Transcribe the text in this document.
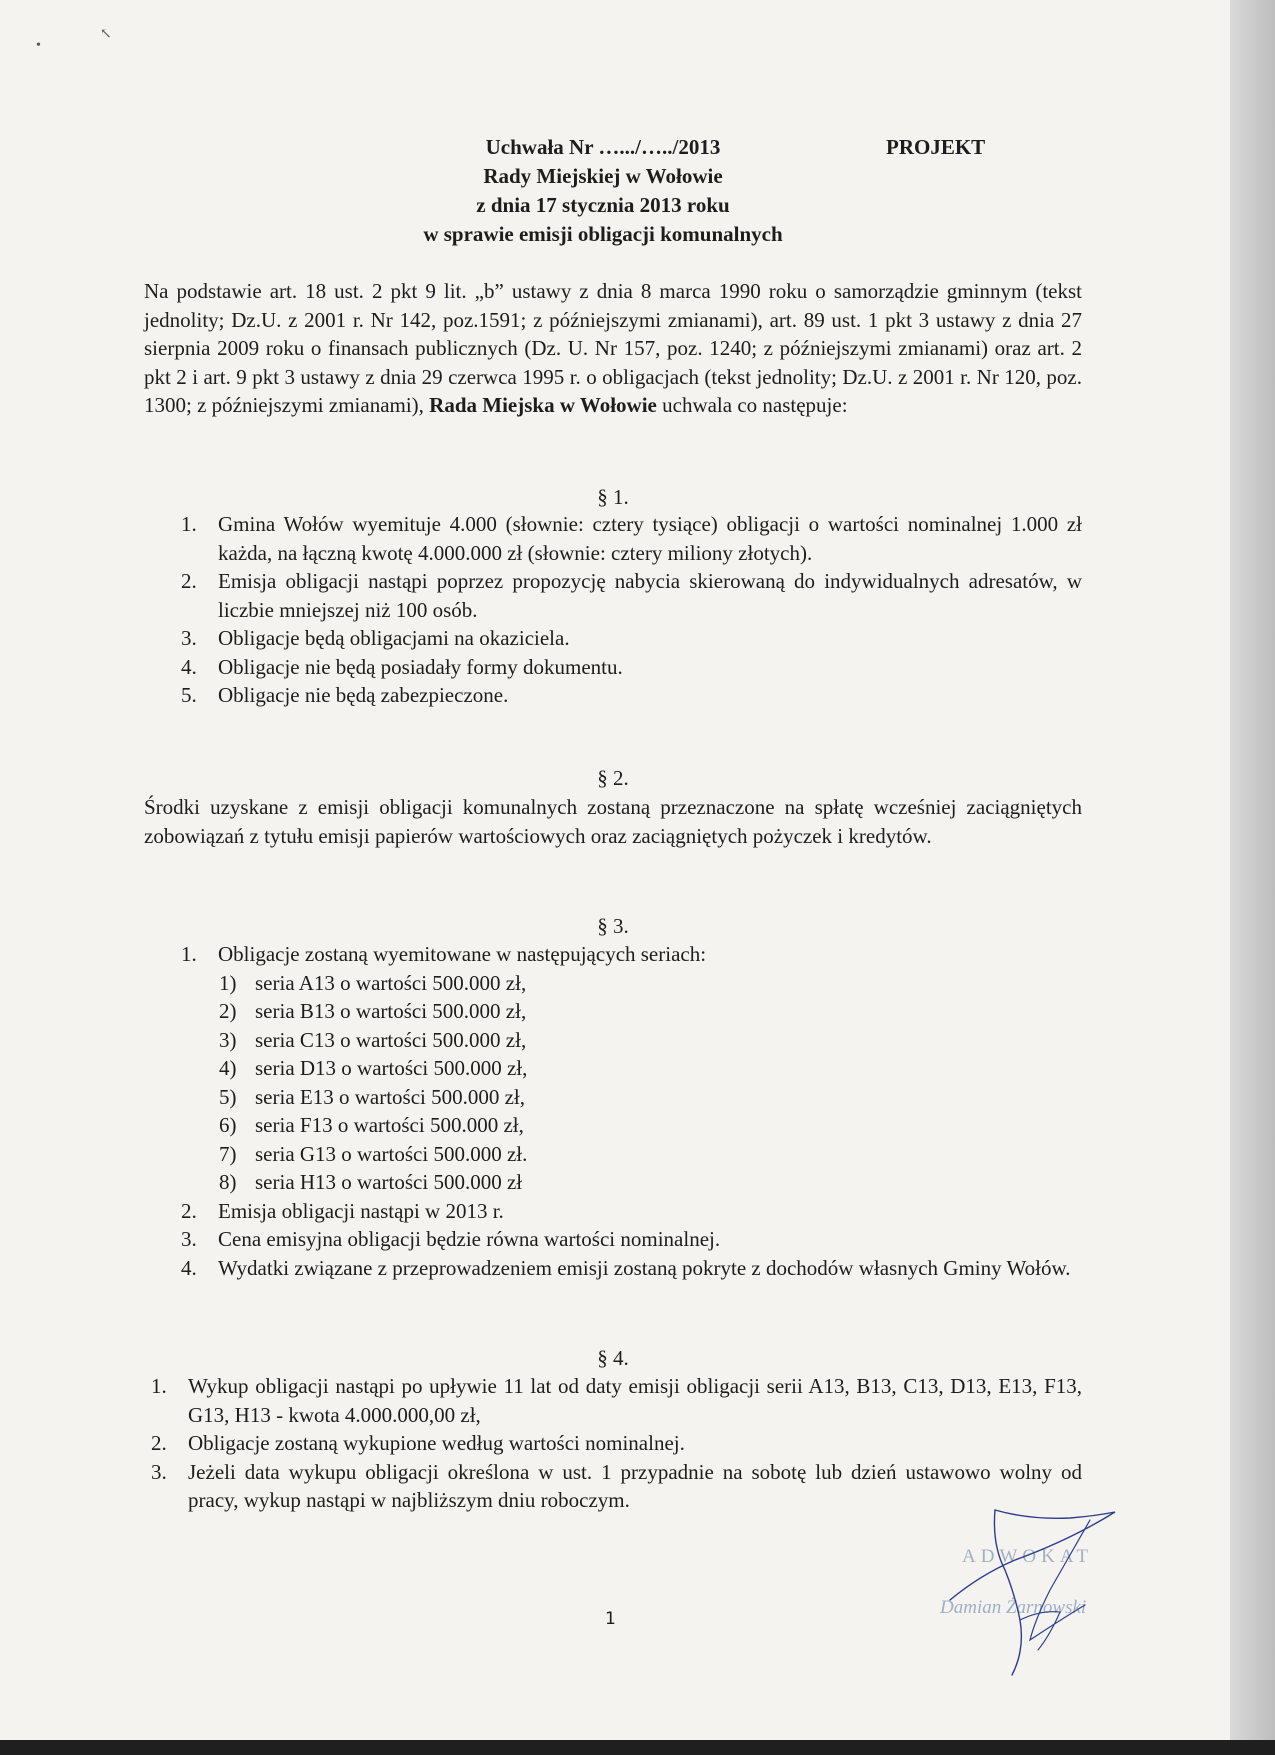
•
↖
Uchwała Nr ….../…../2013
Rady Miejskiej w Wołowie
z dnia 17 stycznia 2013 roku
w sprawie emisji obligacji komunalnych
PROJEKT
Na podstawie art. 18 ust. 2 pkt 9 lit. „b” ustawy z dnia 8 marca 1990 roku o samorządzie gminnym (tekst jednolity; Dz.U. z 2001 r. Nr 142, poz.1591; z późniejszymi zmianami), art. 89 ust. 1 pkt 3 ustawy z dnia 27 sierpnia 2009 roku o finansach publicznych (Dz. U. Nr 157, poz. 1240; z późniejszymi zmianami) oraz art. 2 pkt 2 i art. 9 pkt 3 ustawy z dnia 29 czerwca 1995 r. o obligacjach (tekst jednolity; Dz.U. z 2001 r. Nr 120, poz. 1300; z późniejszymi zmianami), Rada Miejska w Wołowie uchwala co następuje:
§ 1.
1. Gmina Wołów wyemituje 4.000 (słownie: cztery tysiące) obligacji o wartości nominalnej 1.000 zł każda, na łączną kwotę 4.000.000 zł (słownie: cztery miliony złotych).
2. Emisja obligacji nastąpi poprzez propozycję nabycia skierowaną do indywidualnych adresatów, w liczbie mniejszej niż 100 osób.
3. Obligacje będą obligacjami na okaziciela.
4. Obligacje nie będą posiadały formy dokumentu.
5. Obligacje nie będą zabezpieczone.
§ 2.
Środki uzyskane z emisji obligacji komunalnych zostaną przeznaczone na spłatę wcześniej zaciągniętych zobowiązań z tytułu emisji papierów wartościowych oraz zaciągniętych pożyczek i kredytów.
§ 3.
1. Obligacje zostaną wyemitowane w następujących seriach:
1) seria A13 o wartości 500.000 zł,
2) seria B13 o wartości 500.000 zł,
3) seria C13 o wartości 500.000 zł,
4) seria D13 o wartości 500.000 zł,
5) seria E13 o wartości 500.000 zł,
6) seria F13 o wartości 500.000 zł,
7) seria G13 o wartości 500.000 zł.
8) seria H13 o wartości 500.000 zł
2. Emisja obligacji nastąpi w 2013 r.
3. Cena emisyjna obligacji będzie równa wartości nominalnej.
4. Wydatki związane z przeprowadzeniem emisji zostaną pokryte z dochodów własnych Gminy Wołów.
§ 4.
1. Wykup obligacji nastąpi po upływie 11 lat od daty emisji obligacji serii A13, B13, C13, D13, E13, F13, G13, H13 - kwota 4.000.000,00 zł,
2. Obligacje zostaną wykupione według wartości nominalnej.
3. Jeżeli data wykupu obligacji określona w ust. 1 przypadnie na sobotę lub dzień ustawowo wolny od pracy, wykup nastąpi w najbliższym dniu roboczym.
ADWOKAT
Damian Żarnowski
1
